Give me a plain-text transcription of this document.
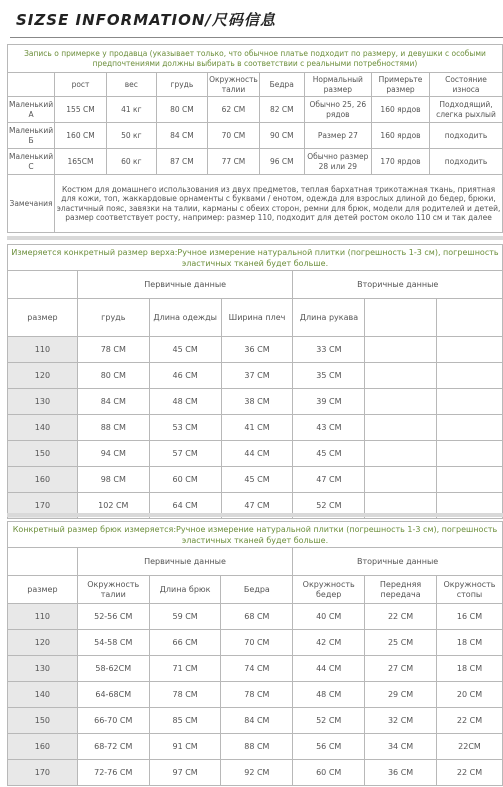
SIZSE INFORMATION/尺码信息
Запись о примерке у продавца (указывает только, что обычное платье подходит по размеру, и девушки с особыми предпочтениями должны выбирать в соответствии с реальными потребностями)								
	рост	вес	грудь	Окружность талии	Бедра	Нормальный размер	Примерьте размер	Состояние износа
Маленький А	155 CM	41 кг	80 CM	62 CM	82 CM	Обычно 25, 26 рядов	160 ярдов	Подходящий, слегка рыхлый
Маленький Б	160 CM	50 кг	84 CM	70 CM	90 CM	Размер 27	160 ярдов	подходить
Маленький С	165CM	60 кг	87 CM	77 CM	96 CM	Обычно размер 28 или 29	170 ярдов	подходить
Замечания	Костюм для домашнего использования из двух предметов, теплая бархатная трикотажная ткань, приятная для кожи, топ, жаккардовые орнаменты с буквами / енотом, одежда для взрослых длиной до бедер, брюки, эластичный пояс, завязки на талии, карманы с обеих сторон, ремни для брюк, модели для родителей и детей, размер соответствует росту, например: размер 110, подходит для детей ростом около 110 см и так далее							
Измеряется конкретный размер верха:Ручное измерение натуральной плитки (погрешность 1-3 см), погрешность эластичных тканей будет больше.						
	Первичные данные			Вторичные данные		
размер	грудь	Длина одежды	Ширина плеч	Длина рукава		
110	78 CM	45 CM	36 CM	33 CM		
120	80 CM	46 CM	37 CM	35 CM		
130	84 CM	48 CM	38 CM	39 CM		
140	88 CM	53 CM	41 CM	43 CM		
150	94 CM	57 CM	44 CM	45 CM		
160	98 CM	60 CM	45 CM	47 CM		
170	102 CM	64 CM	47 CM	52 CM		
Конкретный размер брюк измеряется:Ручное измерение натуральной плитки (погрешность 1-3 см), погрешность эластичных тканей будет больше.						
	Первичные данные			Вторичные данные		
размер	Окружность талии	Длина брюк	Бедра	Окружность бедер	Передняя передача	Окружность стопы
110	52-56 CM	59 CM	68 CM	40 CM	22 CM	16 CM
120	54-58 CM	66 CM	70 CM	42 CM	25 CM	18 CM
130	58-62CM	71 CM	74 CM	44 CM	27 CM	18 CM
140	64-68CM	78 CM	78 CM	48 CM	29 CM	20 CM
150	66-70 CM	85 CM	84 CM	52 CM	32 CM	22 CM
160	68-72 CM	91 CM	88 CM	56 CM	34 CM	22CM
170	72-76 CM	97 CM	92 CM	60 CM	36 CM	22 CM
